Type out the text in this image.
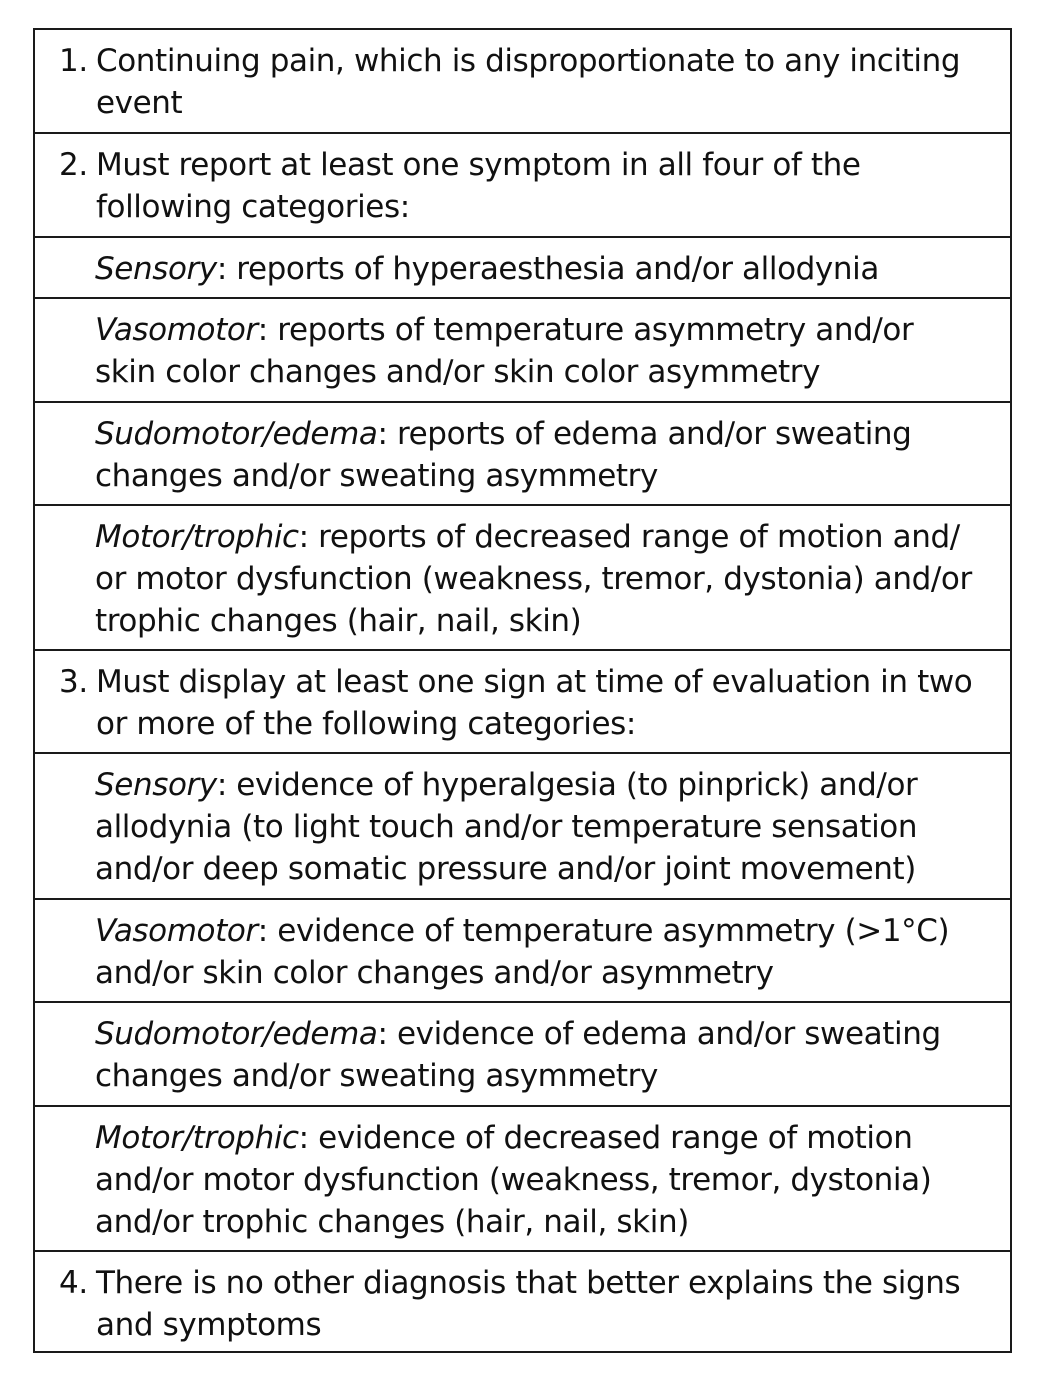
1. Continuing pain, which is disproportionate to any inciting
event
2. Must report at least one symptom in all four of the
following categories:
Sensory: reports of hyperaesthesia and/or allodynia
Vasomotor: reports of temperature asymmetry and/or
skin color changes and/or skin color asymmetry
Sudomotor/edema: reports of edema and/or sweating
changes and/or sweating asymmetry
Motor/trophic: reports of decreased range of motion and/
or motor dysfunction (weakness, tremor, dystonia) and/or
trophic changes (hair, nail, skin)
3. Must display at least one sign at time of evaluation in two
or more of the following categories:
Sensory: evidence of hyperalgesia (to pinprick) and/or
allodynia (to light touch and/or temperature sensation
and/or deep somatic pressure and/or joint movement)
Vasomotor: evidence of temperature asymmetry (>1°C)
and/or skin color changes and/or asymmetry
Sudomotor/edema: evidence of edema and/or sweating
changes and/or sweating asymmetry
Motor/trophic: evidence of decreased range of motion
and/or motor dysfunction (weakness, tremor, dystonia)
and/or trophic changes (hair, nail, skin)
4. There is no other diagnosis that better explains the signs
and symptoms
